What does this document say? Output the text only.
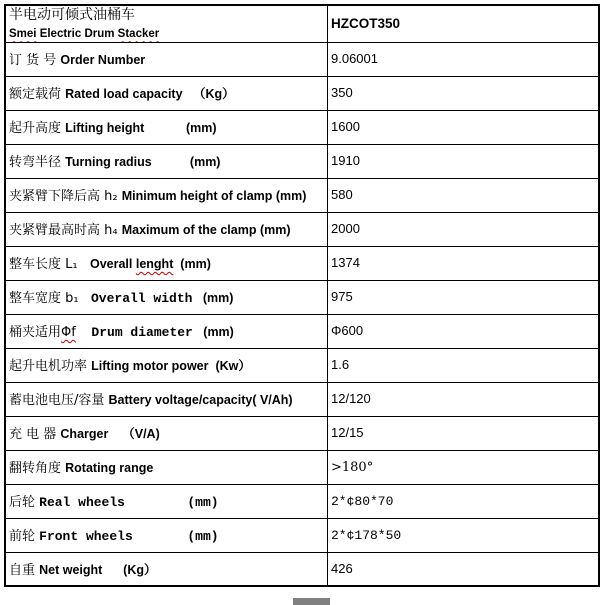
半电动可倾式油桶车
Smei Electric Drum Stacker	HZCOT350
订 货 号 Order Number	9.06001
额定载荷 Rated load capacity   （Kg）	350
起升高度 Lifting height            (mm)	1600
转弯半径 Turning radius           (mm)	1910
夹紧臂下降后高 h₂ Minimum height of clamp (mm)	580
夹紧臂最高时高 h₄ Maximum of the clamp (mm)	2000
整车长度 L₁   Overall lenght  (mm)	1374
整车宽度 b₁   Overall width   (mm)	975
桶夹适用Φf  Drum diameter   (mm)	Φ600
起升电机功率 Lifting motor power  (Kw）	1.6
蓄电池电压/容量 Battery voltage/capacity( V/Ah)	12/120
充 电 器 Charger    （V/A)	12/15
翻转角度 Rotating range	>180°
后轮 Real wheels        (mm)	2*¢80*70
前轮 Front wheels       (mm)	2*¢178*50
自重 Net weight      (Kg）	426
